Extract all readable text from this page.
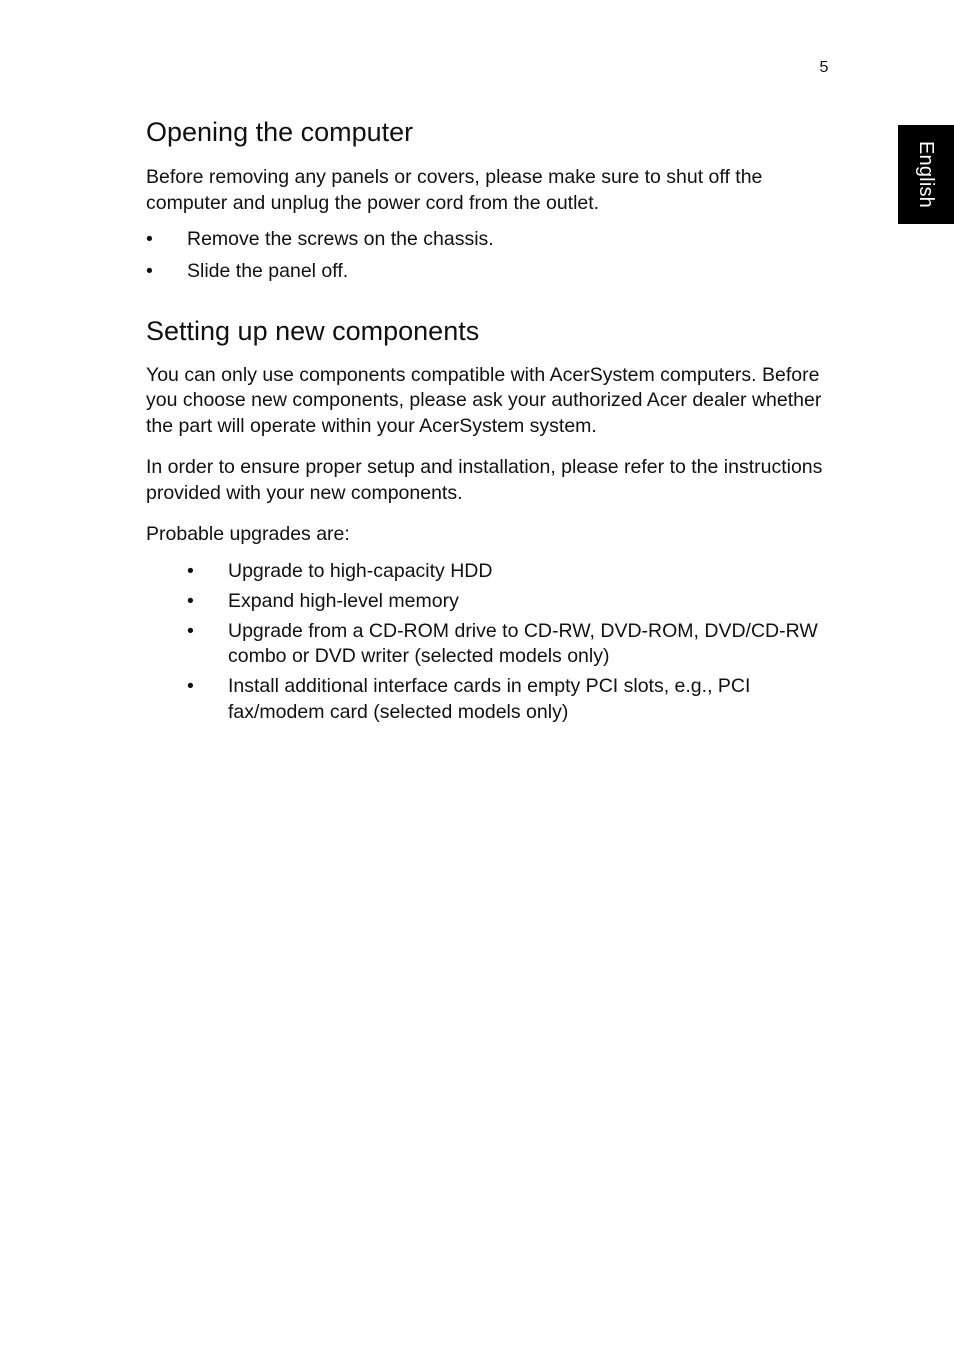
5
English
Opening the computer

Before removing any panels or covers, please make sure to shut off the computer and unplug the power cord from the outlet.

• Remove the screws on the chassis.
• Slide the panel off.
Setting up new components

You can only use components compatible with AcerSystem computers. Before you choose new components, please ask your authorized Acer dealer whether the part will operate within your AcerSystem system.

In order to ensure proper setup and installation, please refer to the instructions provided with your new components.

Probable upgrades are:

• Upgrade to high-capacity HDD
• Expand high-level memory
• Upgrade from a CD-ROM drive to CD-RW, DVD-ROM, DVD/CD-RW combo or DVD writer (selected models only)
• Install additional interface cards in empty PCI slots, e.g., PCI fax/modem card (selected models only)
